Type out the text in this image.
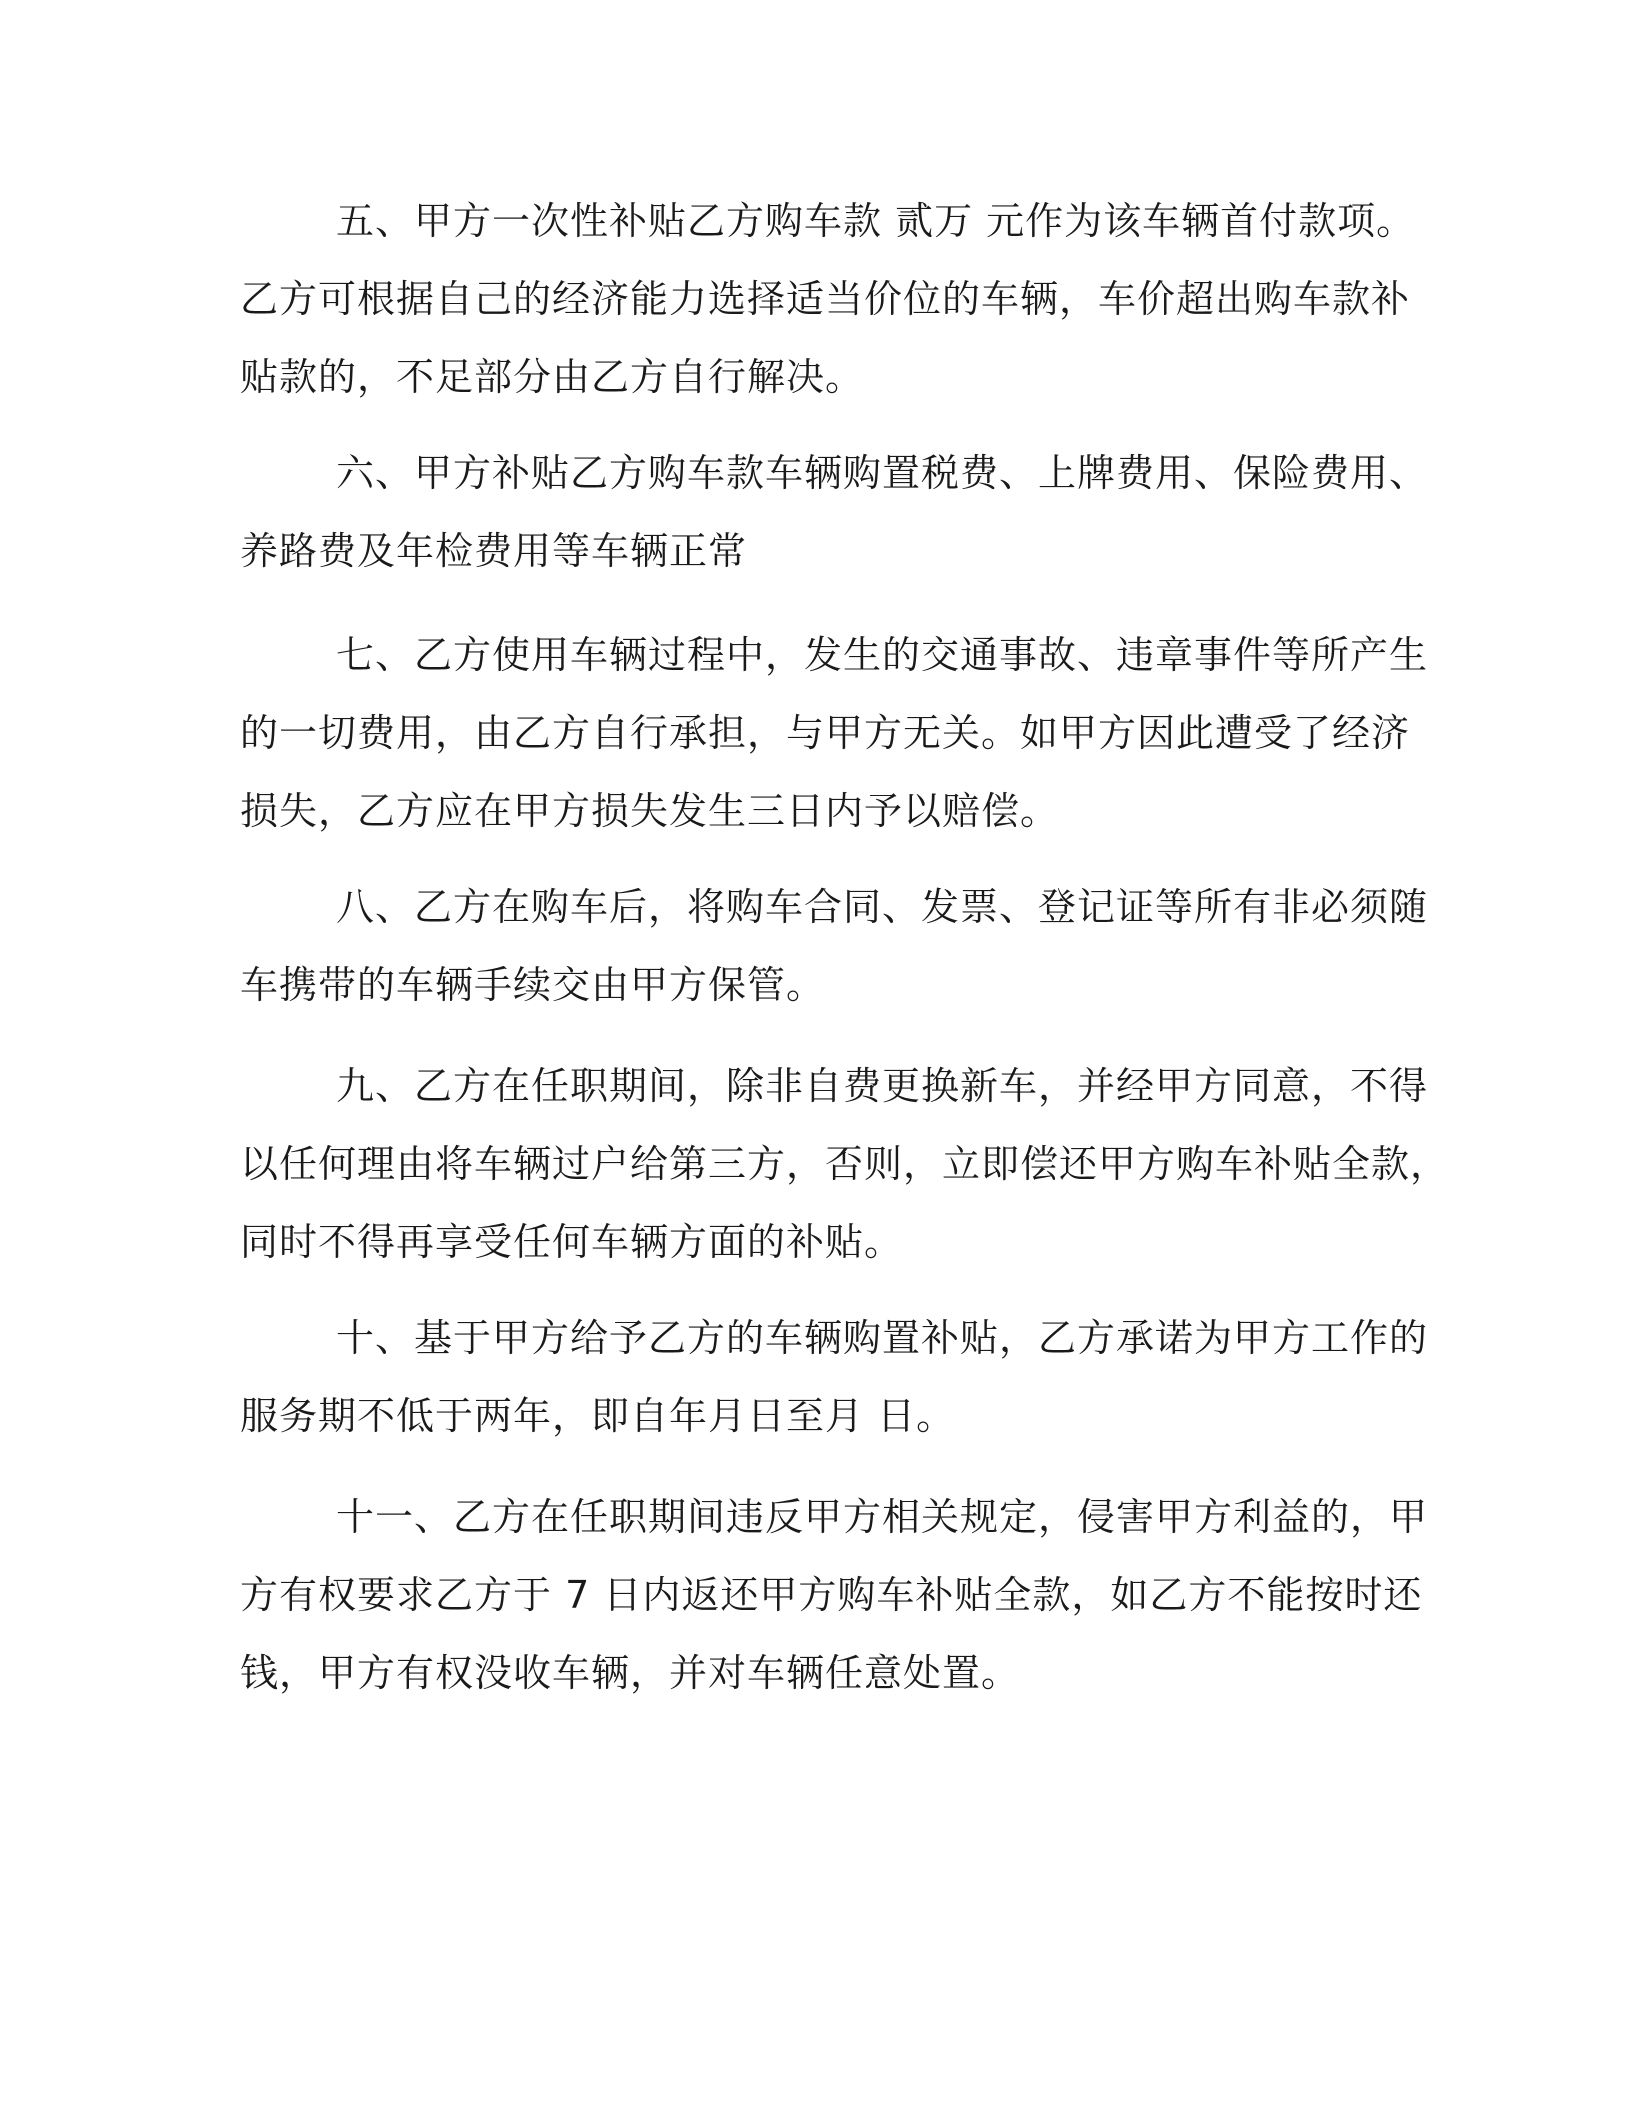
五、甲方一次性补贴乙方购车款 贰万 元作为该车辆首付款项。
乙方可根据自己的经济能力选择适当价位的车辆，车价超出购车款补
贴款的，不足部分由乙方自行解决。

六、甲方补贴乙方购车款车辆购置税费、上牌费用、保险费用、
养路费及年检费用等车辆正常

七、乙方使用车辆过程中，发生的交通事故、违章事件等所产生
的一切费用，由乙方自行承担，与甲方无关。如甲方因此遭受了经济
损失，乙方应在甲方损失发生三日内予以赔偿。

八、乙方在购车后，将购车合同、发票、登记证等所有非必须随
车携带的车辆手续交由甲方保管。

九、乙方在任职期间，除非自费更换新车，并经甲方同意，不得
以任何理由将车辆过户给第三方，否则，立即偿还甲方购车补贴全款，
同时不得再享受任何车辆方面的补贴。

十、基于甲方给予乙方的车辆购置补贴，乙方承诺为甲方工作的
服务期不低于两年，即自年月日至月 日。

十一、乙方在任职期间违反甲方相关规定，侵害甲方利益的，甲
方有权要求乙方于 7 日内返还甲方购车补贴全款，如乙方不能按时还
钱，甲方有权没收车辆，并对车辆任意处置。
